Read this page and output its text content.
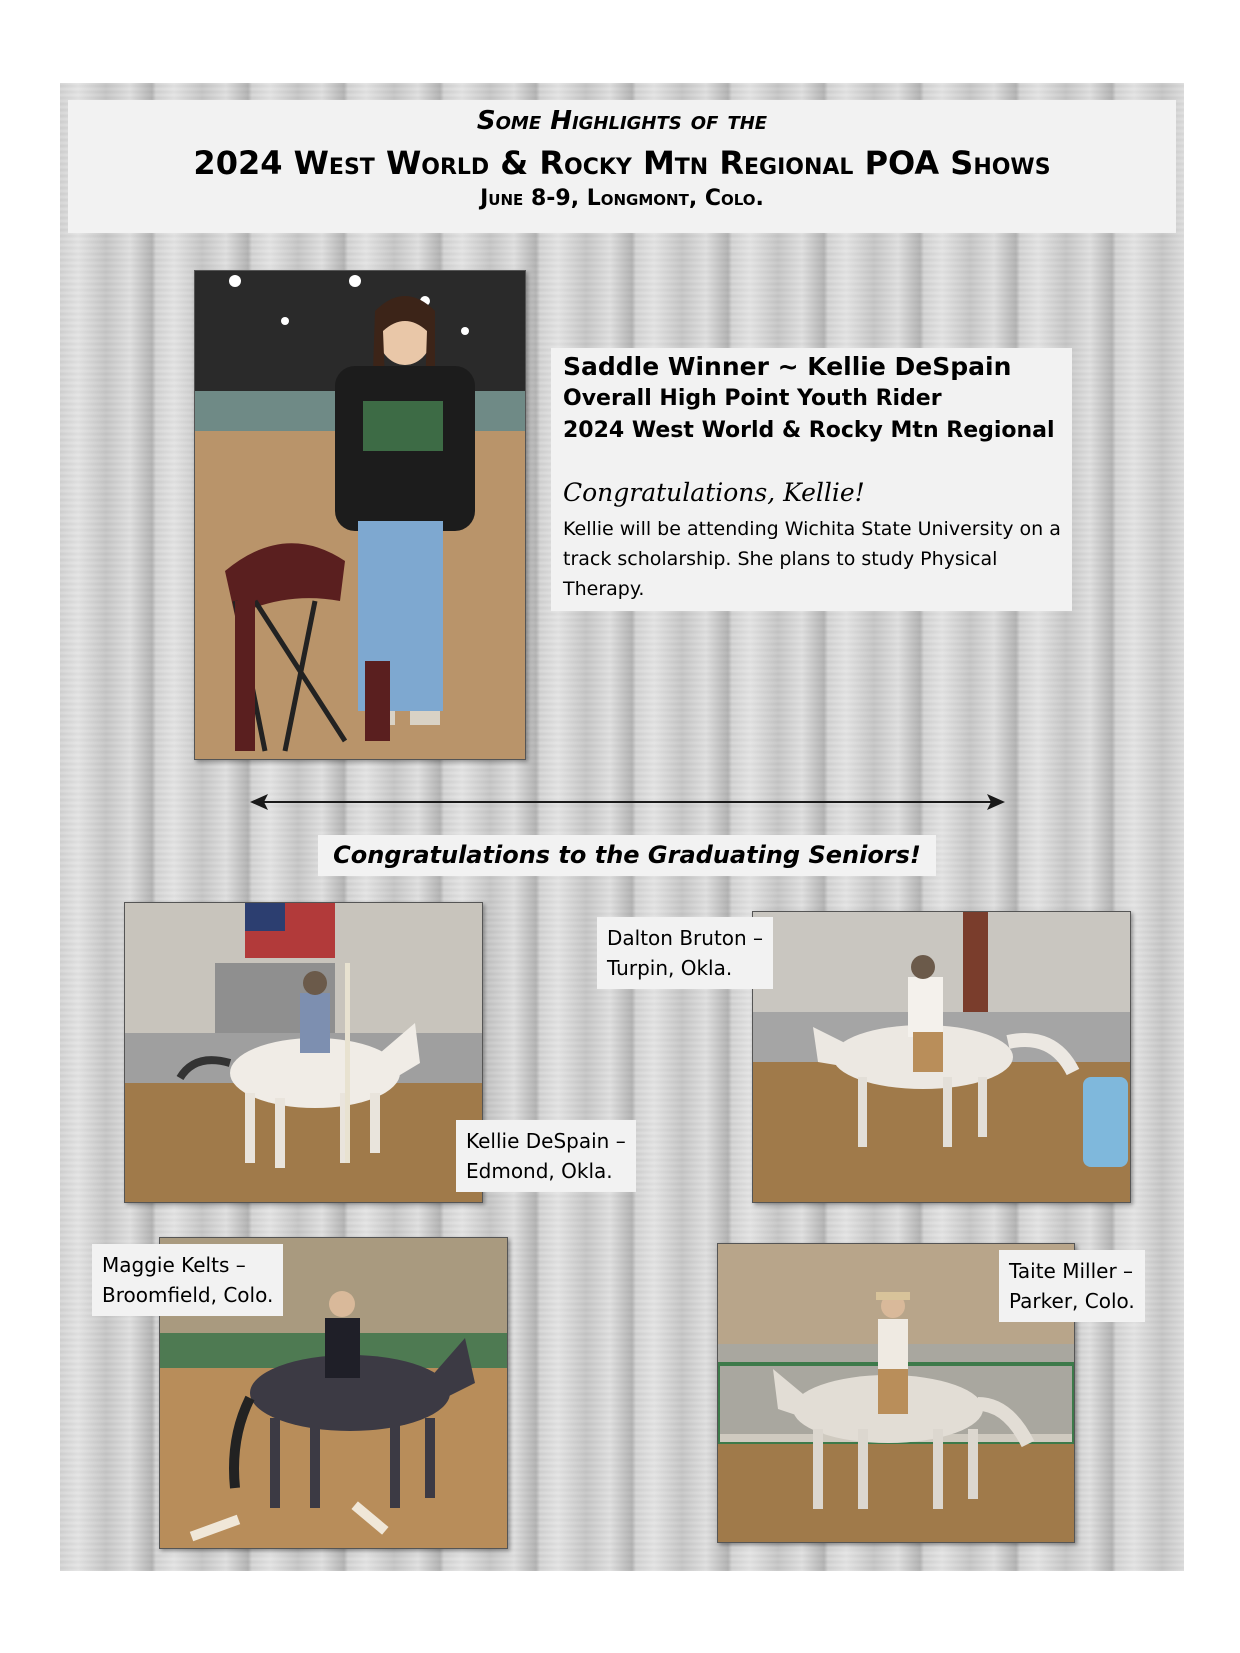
Some Highlights of the
2024 West World & Rocky Mtn Regional POA Shows
June 8-9, Longmont, Colo.
Saddle Winner ~ Kellie DeSpain
Overall High Point Youth Rider
2024 West World & Rocky Mtn Regional
Congratulations, Kellie!
Kellie will be attending Wichita State University on a track scholarship. She plans to study Physical Therapy.
Congratulations to the Graduating Seniors!
Kellie DeSpain –
Edmond, Okla.
Dalton Bruton –
Turpin, Okla.
Maggie Kelts –
Broomfield, Colo.
Taite Miller –
Parker, Colo.
